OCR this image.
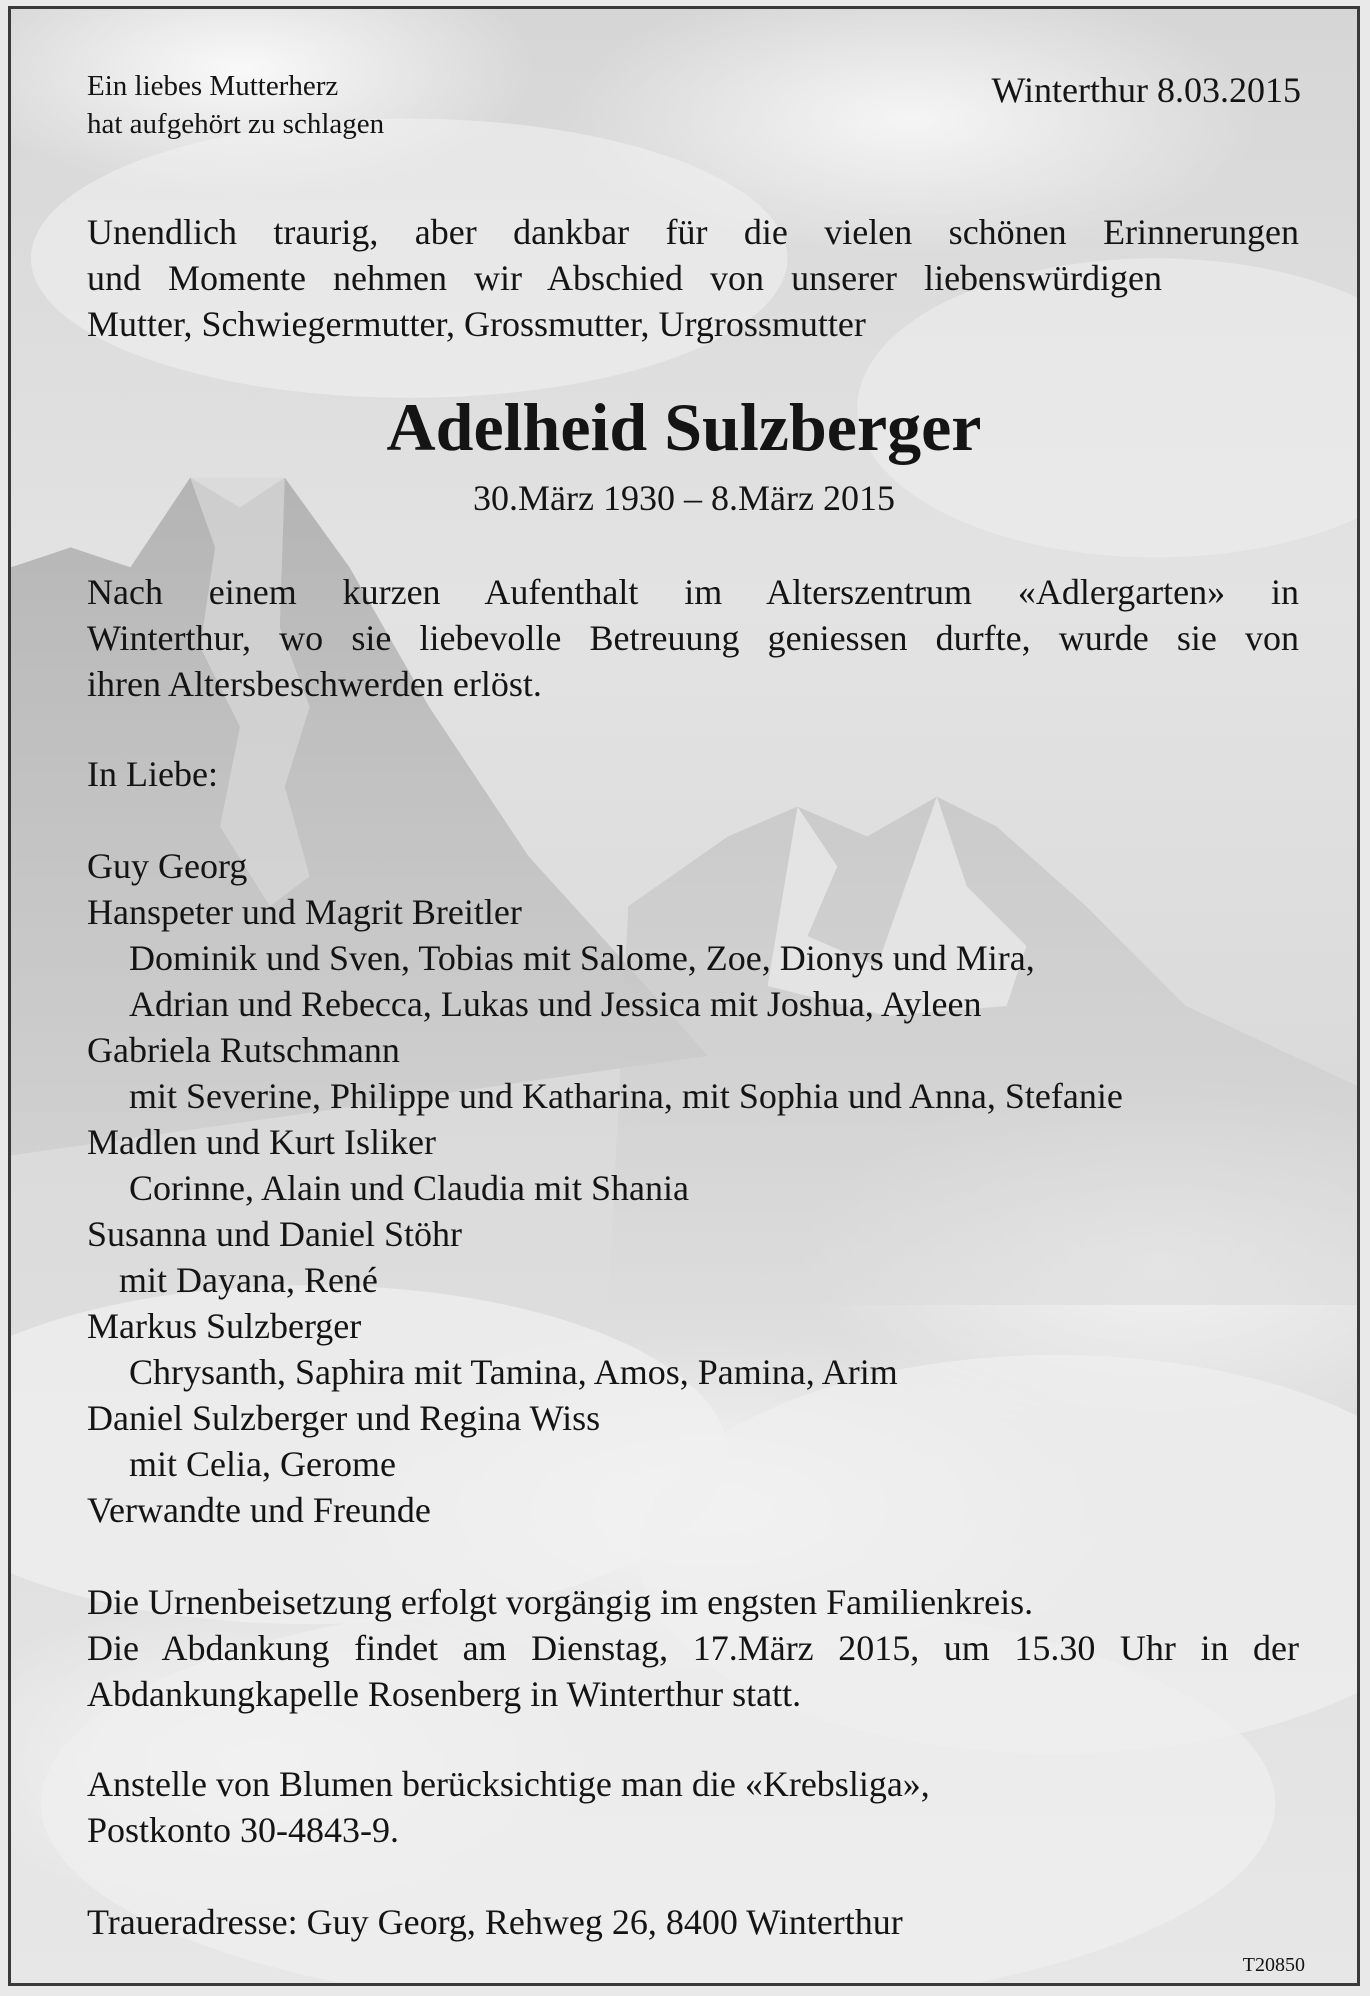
Ein liebes Mutterherz

hat aufgehört zu schlagen

Winterthur 8.03.2015

Unendlich traurig, aber dankbar für die vielen schönen Erinnerungen

und Momente nehmen wir Abschied von unserer liebenswürdigen

Mutter, Schwiegermutter, Grossmutter, Urgrossmutter

Adelheid Sulzberger

30.März 1930 – 8.März 2015

Nach einem kurzen Aufenthalt im Alterszentrum «Adlergarten» in

Winterthur, wo sie liebevolle Betreuung geniessen durfte, wurde sie von

ihren Altersbeschwerden erlöst.

In Liebe:

Guy Georg

Hanspeter und Magrit Breitler

Dominik und Sven, Tobias mit Salome, Zoe, Dionys und Mira,

Adrian und Rebecca, Lukas und Jessica mit Joshua, Ayleen

Gabriela Rutschmann

mit Severine, Philippe und Katharina, mit Sophia und Anna, Stefanie

Madlen und Kurt Isliker

Corinne, Alain und Claudia mit Shania

Susanna und Daniel Stöhr

mit Dayana, René

Markus Sulzberger

Chrysanth, Saphira mit Tamina, Amos, Pamina, Arim

Daniel Sulzberger und Regina Wiss

mit Celia, Gerome

Verwandte und Freunde

Die Urnenbeisetzung erfolgt vorgängig im engsten Familienkreis.

Die Abdankung findet am Dienstag, 17.März 2015, um 15.30 Uhr in der

Abdankungkapelle Rosenberg in Winterthur statt.

Anstelle von Blumen berücksichtige man die «Krebsliga»,

Postkonto 30-4843-9.

Traueradresse: Guy Georg, Rehweg 26, 8400 Winterthur

T20850
